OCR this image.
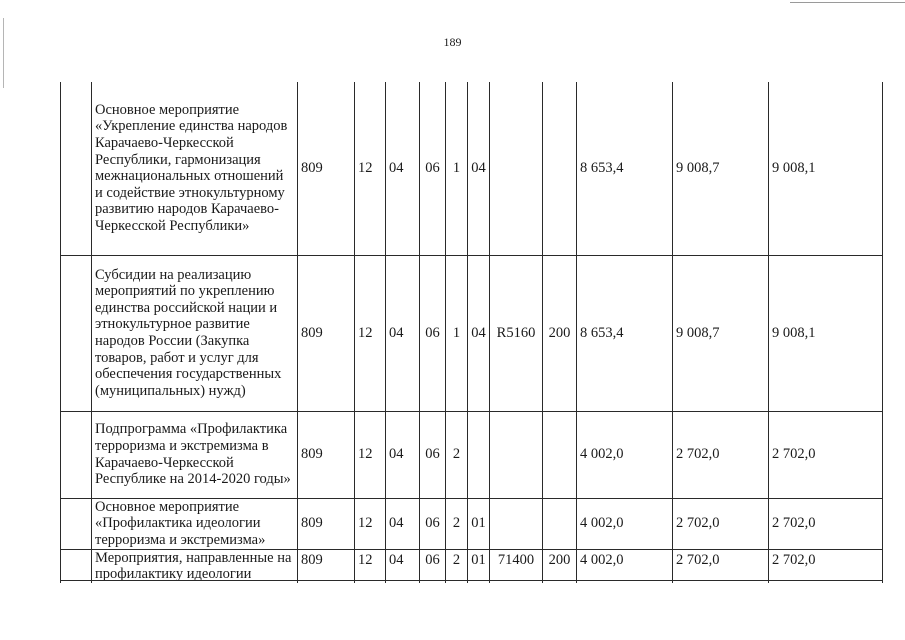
189
	Основное мероприятие «Укрепление единства народов Карачаево-Черкесской Республики, гармонизация межнациональных отношений и содействие этнокультурному развитию народов Карачаево-Черкесской Республики»	809	12	04	06	1	04			8 653,4	9 008,7	9 008,1
	Субсидии на реализацию мероприятий по укреплению единства российской нации и этнокультурное развитие народов России (Закупка товаров, работ и услуг для обеспечения государственных (муниципальных) нужд)	809	12	04	06	1	04	R5160	200	8 653,4	9 008,7	9 008,1
	Подпрограмма «Профилактика терроризма и экстремизма в Карачаево-Черкесской Республике на 2014-2020 годы»	809	12	04	06	2				4 002,0	2 702,0	2 702,0
	Основное мероприятие «Профилактика идеологии терроризма и экстремизма»	809	12	04	06	2	01			4 002,0	2 702,0	2 702,0
	Мероприятия, направленные на профилактику идеологии	809	12	04	06	2	01	71400	200	4 002,0	2 702,0	2 702,0
